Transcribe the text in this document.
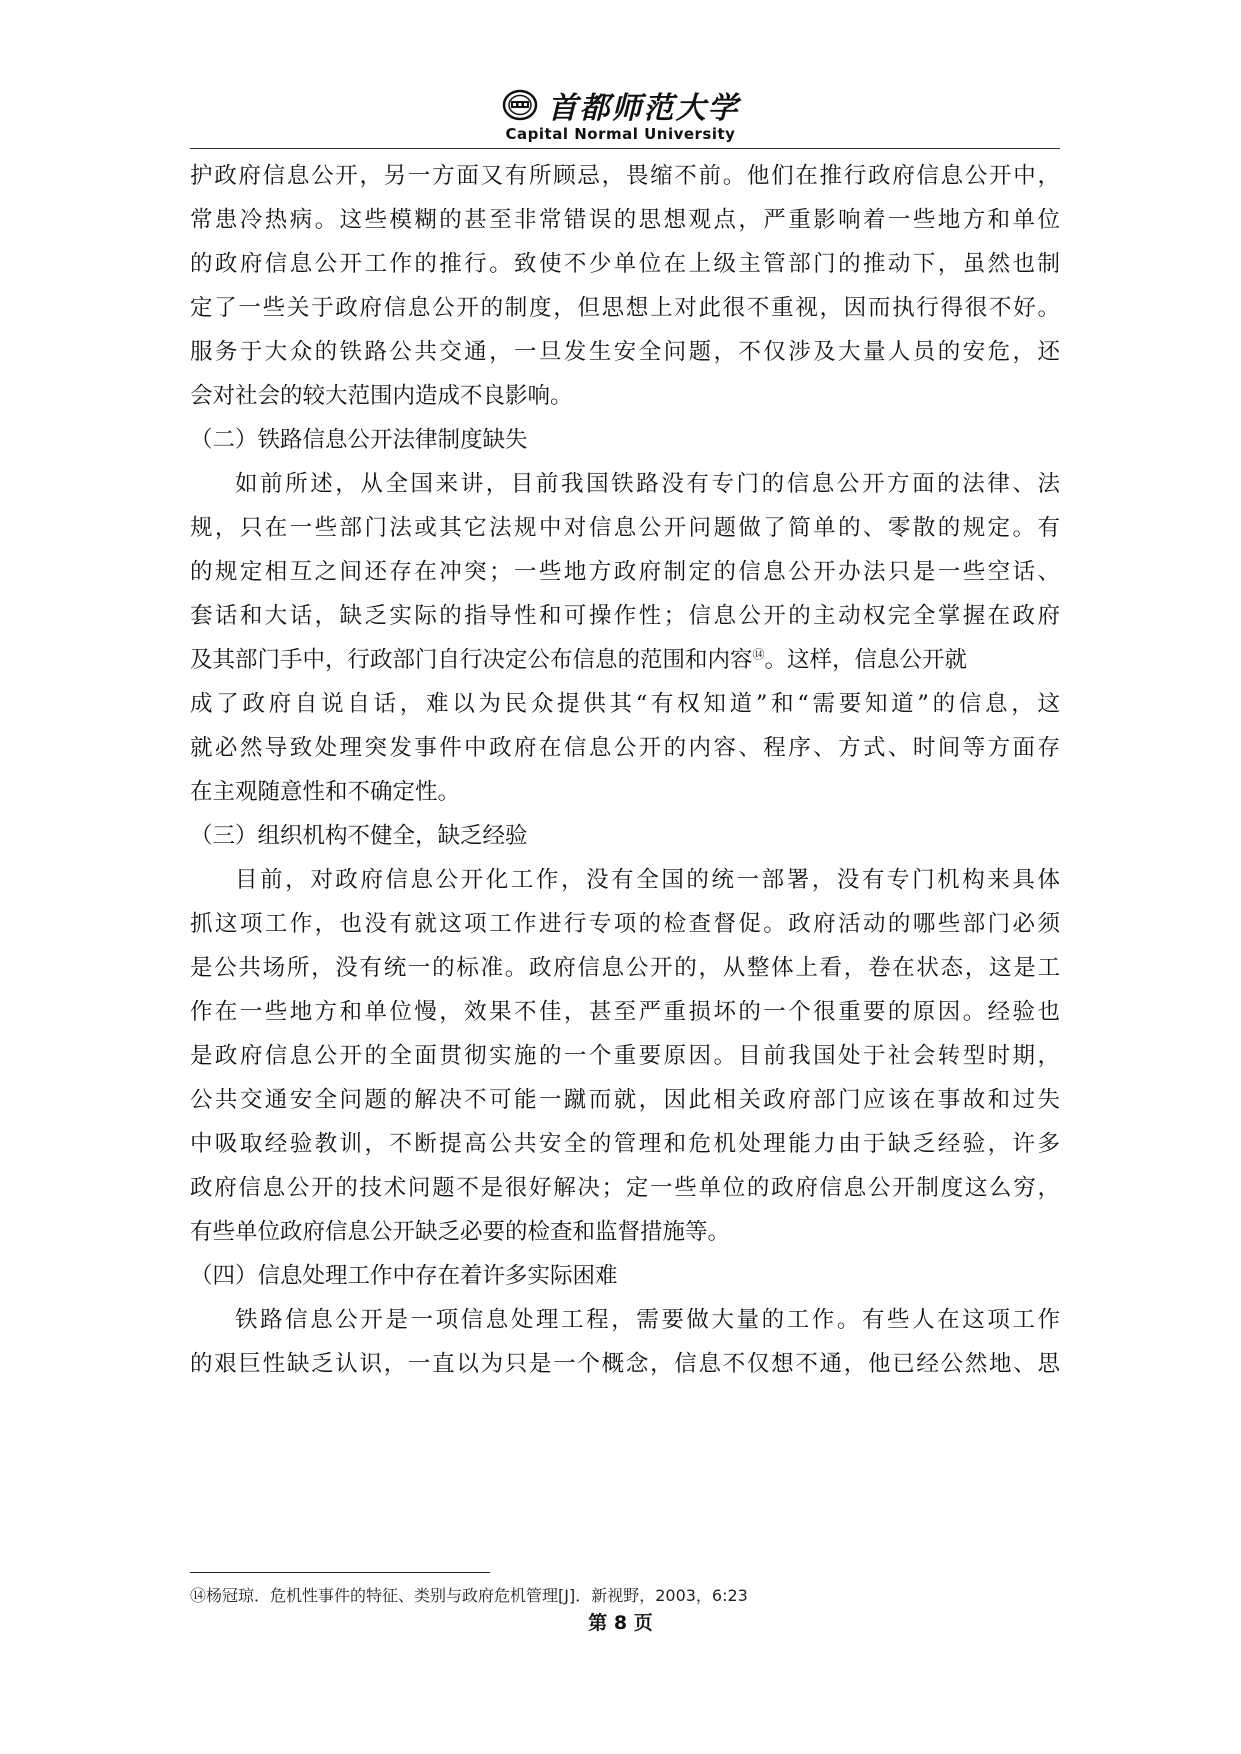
首都师范大学
Capital Normal University
护政府信息公开，另一方面又有所顾忌，畏缩不前。他们在推行政府信息公开中，
常患冷热病。这些模糊的甚至非常错误的思想观点，严重影响着一些地方和单位
的政府信息公开工作的推行。致使不少单位在上级主管部门的推动下，虽然也制
定了一些关于政府信息公开的制度，但思想上对此很不重视，因而执行得很不好。
服务于大众的铁路公共交通，一旦发生安全问题，不仅涉及大量人员的安危，还
会对社会的较大范围内造成不良影响。
（二）铁路信息公开法律制度缺失
如前所述，从全国来讲，目前我国铁路没有专门的信息公开方面的法律、法
规，只在一些部门法或其它法规中对信息公开问题做了简单的、零散的规定。有
的规定相互之间还存在冲突；一些地方政府制定的信息公开办法只是一些空话、
套话和大话，缺乏实际的指导性和可操作性；信息公开的主动权完全掌握在政府
及其部门手中，行政部门自行决定公布信息的范围和内容⑭。这样，信息公开就
成了政府自说自话，难以为民众提供其“有权知道”和“需要知道”的信息，这
就必然导致处理突发事件中政府在信息公开的内容、程序、方式、时间等方面存
在主观随意性和不确定性。
（三）组织机构不健全，缺乏经验
目前，对政府信息公开化工作，没有全国的统一部署，没有专门机构来具体
抓这项工作，也没有就这项工作进行专项的检查督促。政府活动的哪些部门必须
是公共场所，没有统一的标准。政府信息公开的，从整体上看，卷在状态，这是工
作在一些地方和单位慢，效果不佳，甚至严重损坏的一个很重要的原因。经验也
是政府信息公开的全面贯彻实施的一个重要原因。目前我国处于社会转型时期，
公共交通安全问题的解决不可能一蹴而就，因此相关政府部门应该在事故和过失
中吸取经验教训，不断提高公共安全的管理和危机处理能力由于缺乏经验，许多
政府信息公开的技术问题不是很好解决；定一些单位的政府信息公开制度这么穷，
有些单位政府信息公开缺乏必要的检查和监督措施等。
（四）信息处理工作中存在着许多实际困难
铁路信息公开是一项信息处理工程，需要做大量的工作。有些人在这项工作
的艰巨性缺乏认识，一直以为只是一个概念，信息不仅想不通，他已经公然地、思
⑭杨冠琼．危机性事件的特征、类别与政府危机管理[J]．新视野，2003，6:23
第 8 页
